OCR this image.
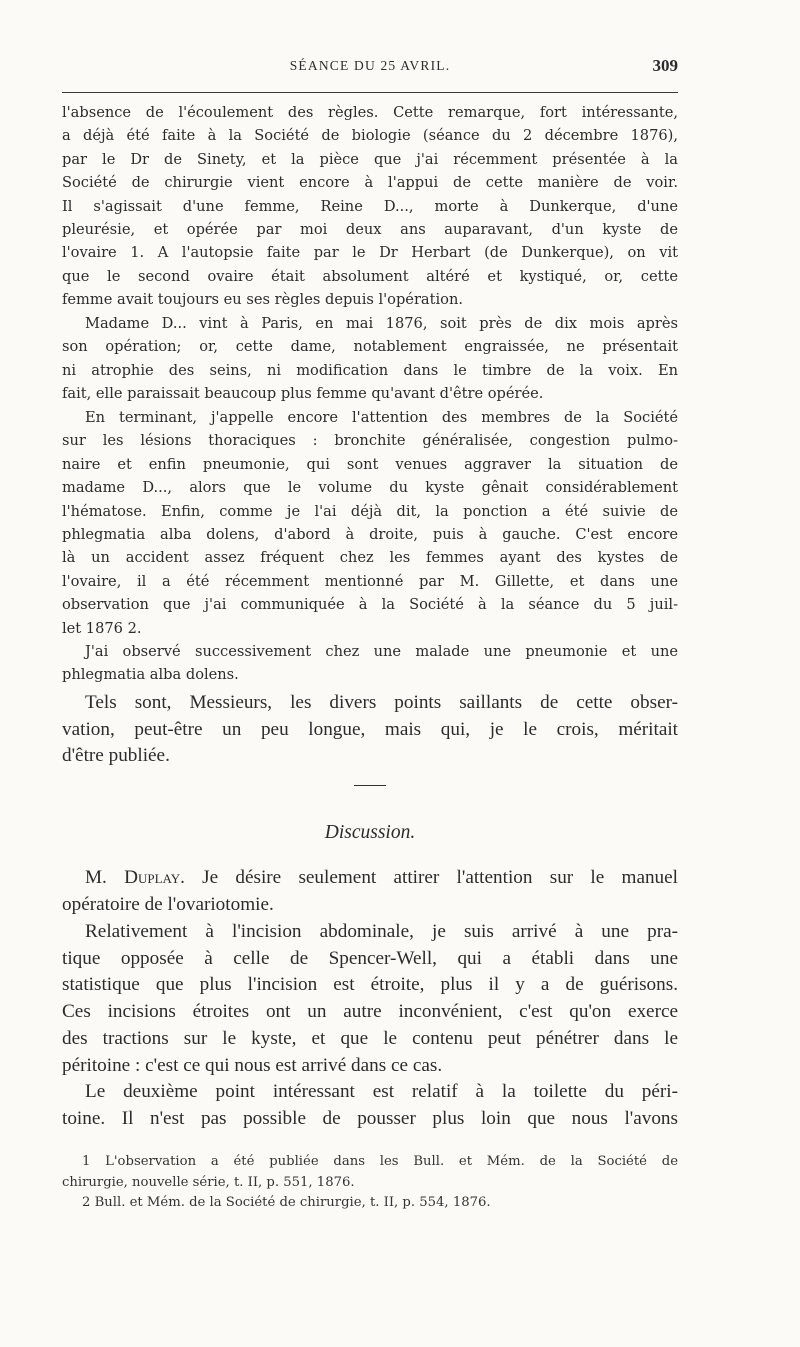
SÉANCE DU 25 AVRIL.	309
l'absence de l'écoulement des règles. Cette remarque, fort intéressante,
a déjà été faite à la Société de biologie (séance du 2 décembre 1876),
par le Dr de Sinety, et la pièce que j'ai récemment présentée à la
Société de chirurgie vient encore à l'appui de cette manière de voir.
Il s'agissait d'une femme, Reine D..., morte à Dunkerque, d'une
pleurésie, et opérée par moi deux ans auparavant, d'un kyste de
l'ovaire 1. A l'autopsie faite par le Dr Herbart (de Dunkerque), on vit
que le second ovaire était absolument altéré et kystiqué, or, cette
femme avait toujours eu ses règles depuis l'opération.
Madame D... vint à Paris, en mai 1876, soit près de dix mois après
son opération; or, cette dame, notablement engraissée, ne présentait
ni atrophie des seins, ni modification dans le timbre de la voix. En
fait, elle paraissait beaucoup plus femme qu'avant d'être opérée.
En terminant, j'appelle encore l'attention des membres de la Société
sur les lésions thoraciques : bronchite généralisée, congestion pulmo-
naire et enfin pneumonie, qui sont venues aggraver la situation de
madame D..., alors que le volume du kyste gênait considérablement
l'hématose. Enfin, comme je l'ai déjà dit, la ponction a été suivie de
phlegmatia alba dolens, d'abord à droite, puis à gauche. C'est encore
là un accident assez fréquent chez les femmes ayant des kystes de
l'ovaire, il a été récemment mentionné par M. Gillette, et dans une
observation que j'ai communiquée à la Société à la séance du 5 juil-
let 1876 2.
J'ai observé successivement chez une malade une pneumonie et une
phlegmatia alba dolens.
Tels sont, Messieurs, les divers points saillants de cette obser-
vation, peut-être un peu longue, mais qui, je le crois, méritait
d'être publiée.
Discussion.
M. Duplay. Je désire seulement attirer l'attention sur le manuel
opératoire de l'ovariotomie.
Relativement à l'incision abdominale, je suis arrivé à une pra-
tique opposée à celle de Spencer-Well, qui a établi dans une
statistique que plus l'incision est étroite, plus il y a de guérisons.
Ces incisions étroites ont un autre inconvénient, c'est qu'on exerce
des tractions sur le kyste, et que le contenu peut pénétrer dans le
péritoine : c'est ce qui nous est arrivé dans ce cas.
Le deuxième point intéressant est relatif à la toilette du péri-
toine. Il n'est pas possible de pousser plus loin que nous l'avons
1 L'observation a été publiée dans les Bull. et Mém. de la Société de
chirurgie, nouvelle série, t. II, p. 551, 1876.
2 Bull. et Mém. de la Société de chirurgie, t. II, p. 554, 1876.
